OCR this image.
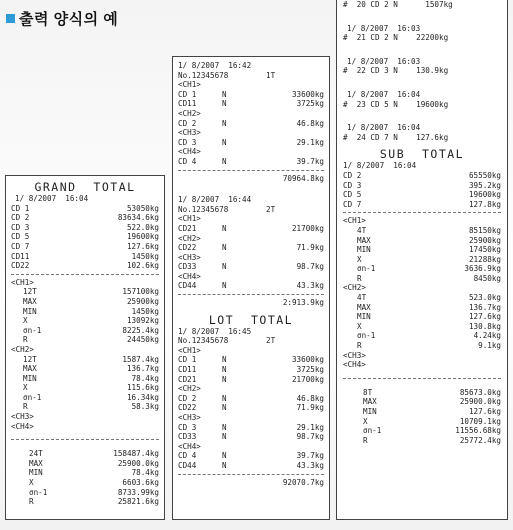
출력 양식의 예
GRAND  TOTAL
1/ 8/2007  16:04
CD 1	53050kg
CD 2	83634.6kg
CD 3	522.0kg
CD 5	19600kg
CD 7	127.6kg
CD11	1450kg
CD22	102.6kg
<CH1>
12T	157100kg
MAX	25900kg
MIN	1450kg
X	13092kg
σn-1	8225.4kg
R	24450kg
<CH2>
12T	1587.4kg
MAX	136.7kg
MIN	78.4kg
X	115.6kg
σn-1	16.34kg
R	58.3kg
<CH3>
<CH4>
24T	158487.4kg
MAX	25900.0kg
MIN	78.4kg
X	6603.6kg
σn-1	8733.99kg
R	25821.6kg
1/ 8/2007  16:42
No.12345678	1T
<CH1>
CD 1	N	33600kg
CD11	N	3725kg
<CH2>
CD 2	N	46.8kg
<CH3>
CD 3	N	29.1kg
<CH4>
CD 4	N	39.7kg
70964.8kg
1/ 8/2007  16:44
No.12345678	2T
<CH1>
CD21	N	21700kg
<CH2>
CD22	N	71.9kg
<CH3>
CD33	N	98.7kg
<CH4>
CD44	N	43.3kg
2:913.9kg
LOT  TOTAL
1/ 8/2007  16:45
No.12345678	2T
<CH1>
CD 1	N	33600kg
CD11	N	3725kg
CD21	N	21700kg
<CH2>
CD 2	N	46.8kg
CD22	N	71.9kg
<CH3>
CD 3	N	29.1kg
CD33	N	98.7kg
<CH4>
CD 4	N	39.7kg
CD44	N	43.3kg
92070.7kg
#  20 CD 2 N      1507kg
1/ 8/2007  16:03
#  21 CD 2 N    22200kg
1/ 8/2007  16:03
#  22 CD 3 N    130.9kg
1/ 8/2007  16:04
#  23 CD 5 N    19600kg
1/ 8/2007  16:04
#  24 CD 7 N    127.6kg
SUB  TOTAL
1/ 8/2007  16:04
CD 2	65550kg
CD 3	395.2kg
CD 5	19600kg
CD 7	127.8kg
<CH1>
4T	85150kg
MAX	25900kg
MIN	17450kg
X	21288kg
σn-1	3636.9kg
R	8450kg
<CH2>
4T	523.0kg
MAX	136.7kg
MIN	127.6kg
X	130.8kg
σn-1	4.24kg
R	9.1kg
<CH3>
<CH4>
8T	85673.0kg
MAX	25900.0kg
MIN	127.6kg
X	10709.1kg
σn-1	11556.68kg
R	25772.4kg
